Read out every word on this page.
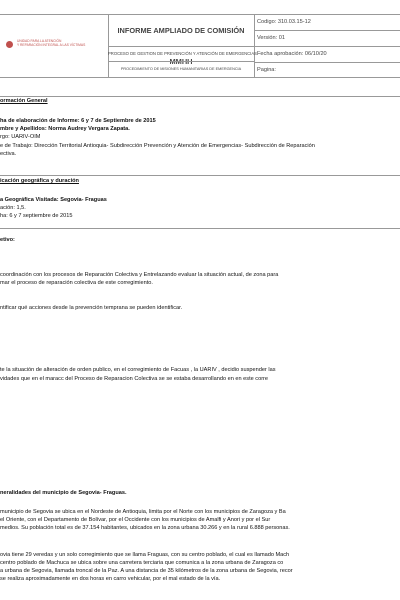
UNIDAD PARA LA ATENCIÓN
Y REPARACIÓN INTEGRAL A LAS VÍCTIMAS
INFORME AMPLIADO DE COMISIÓN MMHH
PROCESO DE GESTION DE PREVENCIÓN Y ATENCIÓN DE EMERGENCIAS
PROCEDIMIENTO DE MISIONES HUMANITARIAS DE EMERGENCIA
Codigo: 310.03.15-12
Versión: 01
Fecha aprobación: 06/10/20
Pagina:
ormación General
ha de elaboración de Informe: 6 y 7 de Septiembre de 2015
mbre y Apellidos: Norma Audrey Vergara Zapata.
rgo: UARIV-OIM
e de Trabajo: Dirección Territorial Antioquia- Subdirección Prevención y Atención de Emergencias- Subdirección de Reparación
ectiva.
icación geográfica y duración
a Geográfica Visitada: Segovia- Fraguas
ación: 1,5.
ha: 6 y 7 septiembre de 2015
etivo:
coordinación con los procesos de Reparación Colectiva y Entrelazando evaluar la situación actual, de zona para
mar el proceso de reparación colectiva de este corregimiento.
ntificar qué acciones desde la prevención temprana se pueden identificar.
te la situación de alteración de orden publico, en el corregimiento de Facuas , la UARIV , decidio suspender las
vidades que en el maracc del Proceso de Reparacion Colectiva se se estaba desarrollando en en este corre
neralidades del municipio de Segovia- Fraguas.
municipio de Segovia se ubica en el Nordeste de Antioquia, limita por el Norte con los municipios de Zaragoza y Ba
el Oriente, con el Departamento de Bolívar, por el Occidente con los municipios de Amalfi y Anori y por el Sur
medios. Su población total es de 37.154 habitantes, ubicados en la zona urbana 30.266 y en la rural 6.888 personas.
ovia tiene 29 veredas y un solo corregimiento que se llama Fraguas, con su centro poblado, el cual es llamado Mach
centro poblado de Machuca se ubica sobre una carretera terciaria que comunica a la zona urbana de Zaragoza co
a urbana de Segovia, llamada troncal de la Paz. A una distancia de 35 kilómetros de la zona urbana de Segovia, recor
se realiza aproximadamente en dos horas en carro vehicular, por el mal estado de la vía.
